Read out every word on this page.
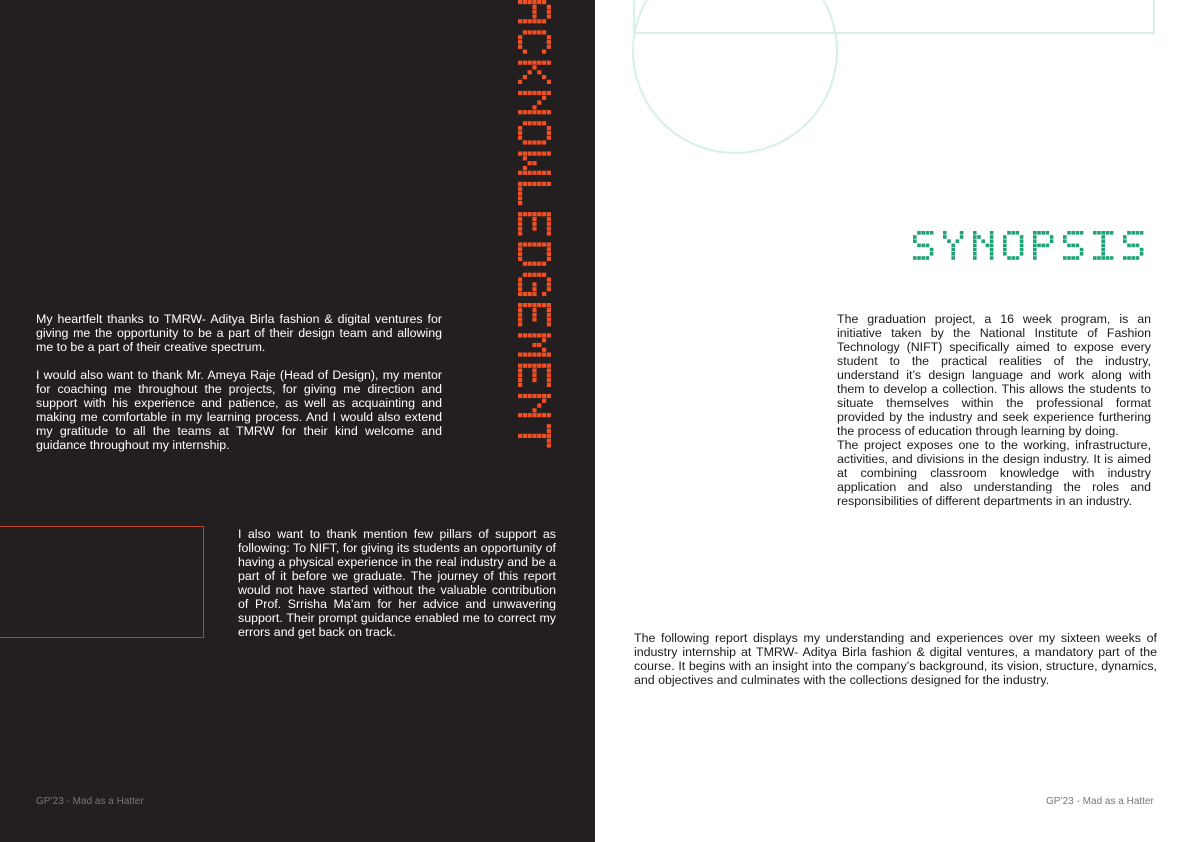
My heartfelt thanks to TMRW- Aditya Birla fashion & digital ventures for giving me the opportunity to be a part of their design team and allowing me to be a part of their creative spectrum.

I would also want to thank Mr. Ameya Raje (Head of Design), my mentor for coaching me throughout the projects, for giving me direction and support with his experience and patience, as well as acquainting and making me comfortable in my learning process. And I would also extend my gratitude to all the teams at TMRW for their kind welcome and guidance throughout my internship.

I also want to thank mention few pillars of support as following: To NIFT, for giving its students an opportunity of having a physical experience in the real industry and be a part of it before we graduate. The journey of this report would not have started without the valuable contribution of Prof. Srrisha Ma’am for her advice and unwavering support. Their prompt guidance enabled me to correct my errors and get back on track.

GP’23 - Mad as a Hatter

The graduation project, a 16 week program, is an initiative taken by the National Institute of Fashion Technology (NIFT) specifically aimed to expose every student to the practical realities of the industry, understand it’s design language and work along with them to develop a collection. This allows the students to situate themselves within the professional format provided by the industry and seek experience furthering the process of education through learning by doing.

The project exposes one to the working, infrastructure, activities, and divisions in the design industry. It is aimed at combining classroom knowledge with industry application and also understanding the roles and responsibilities of different departments in an industry.

The following report displays my understanding and experiences over my sixteen weeks of industry internship at TMRW- Aditya Birla fashion & digital ventures, a mandatory part of the course. It begins with an insight into the company’s background, its vision, structure, dynamics, and objectives and culminates with the collections designed for the industry.

GP’23 - Mad as a Hatter
